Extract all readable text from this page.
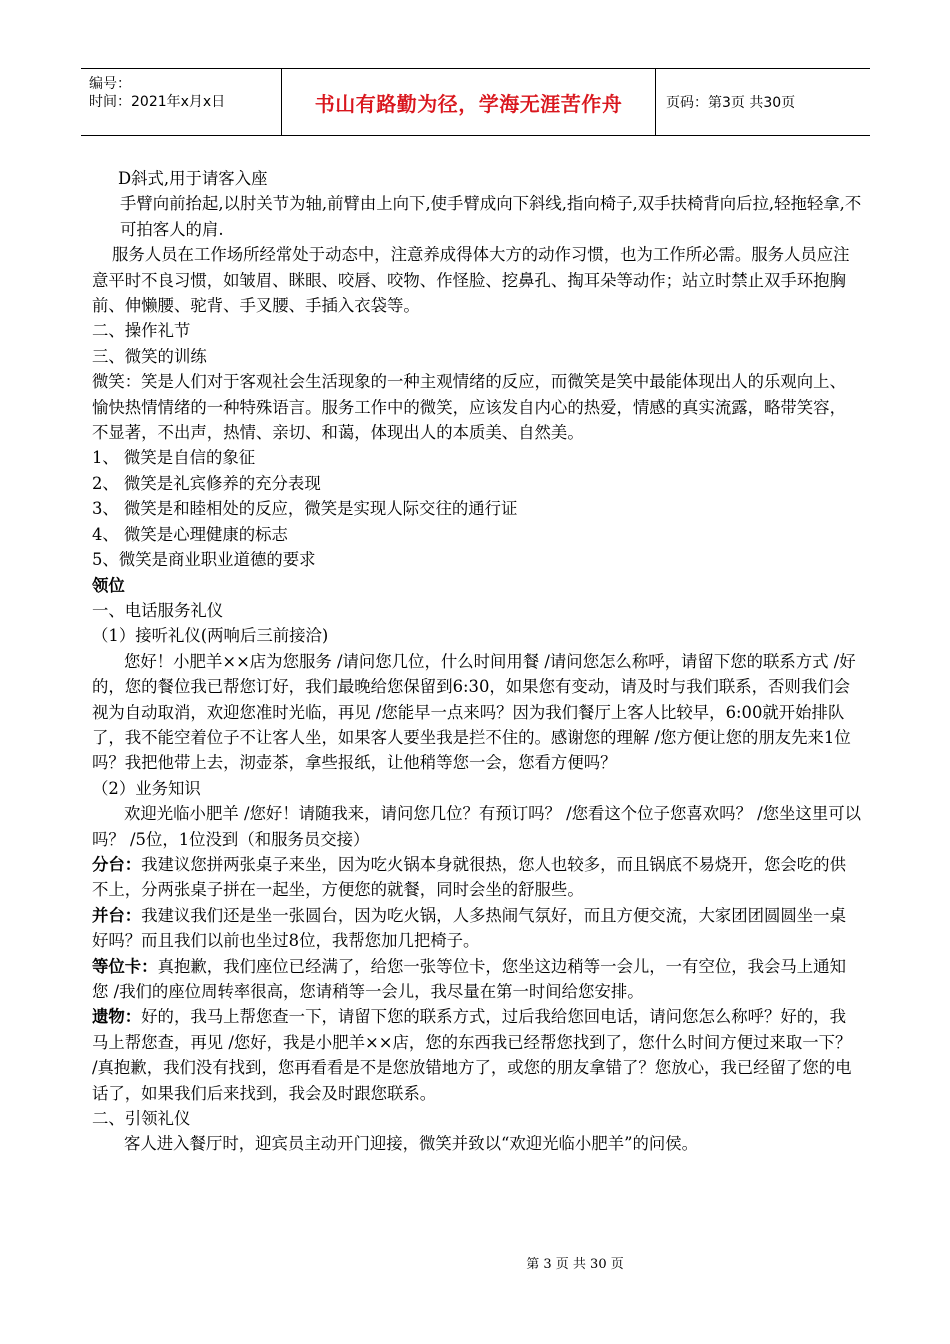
编号：
时间：2021年x月x日	书山有路勤为径，学海无涯苦作舟	页码：第3页 共30页

D斜式,用于请客入座

手臂向前抬起,以肘关节为轴,前臂由上向下,使手臂成向下斜线,指向椅子,双手扶椅背向后拉,轻拖轻拿,不可拍客人的肩.

服务人员在工作场所经常处于动态中，注意养成得体大方的动作习惯，也为工作所必需。服务人员应注意平时不良习惯，如皱眉、眯眼、咬唇、咬物、作怪脸、挖鼻孔、掏耳朵等动作；站立时禁止双手环抱胸前、伸懒腰、驼背、手叉腰、手插入衣袋等。

二、操作礼节

三、微笑的训练

微笑：笑是人们对于客观社会生活现象的一种主观情绪的反应，而微笑是笑中最能体现出人的乐观向上、愉快热情情绪的一种特殊语言。服务工作中的微笑，应该发自内心的热爱，情感的真实流露，略带笑容，不显著，不出声，热情、亲切、和蔼，体现出人的本质美、自然美。

1、 微笑是自信的象征

2、 微笑是礼宾修养的充分表现

3、 微笑是和睦相处的反应，微笑是实现人际交往的通行证

4、 微笑是心理健康的标志

5、微笑是商业职业道德的要求

领位

一、电话服务礼仪

（1）接听礼仪(两响后三前接洽)

您好！小肥羊××店为您服务 /请问您几位，什么时间用餐 /请问您怎么称呼，请留下您的联系方式 /好的，您的餐位我已帮您订好，我们最晚给您保留到6:30，如果您有变动，请及时与我们联系，否则我们会视为自动取消，欢迎您准时光临，再见 /您能早一点来吗？因为我们餐厅上客人比较早，6:00就开始排队了，我不能空着位子不让客人坐，如果客人要坐我是拦不住的。感谢您的理解 /您方便让您的朋友先来1位吗？我把他带上去，沏壶茶，拿些报纸，让他稍等您一会，您看方便吗？

（2）业务知识

欢迎光临小肥羊 /您好！请随我来，请问您几位？有预订吗？ /您看这个位子您喜欢吗？ /您坐这里可以吗？ /5位，1位没到（和服务员交接）

分台：我建议您拼两张桌子来坐，因为吃火锅本身就很热，您人也较多，而且锅底不易烧开，您会吃的供不上，分两张桌子拼在一起坐，方便您的就餐，同时会坐的舒服些。

并台：我建议我们还是坐一张圆台，因为吃火锅，人多热闹气氛好，而且方便交流，大家团团圆圆坐一桌好吗？而且我们以前也坐过8位，我帮您加几把椅子。

等位卡：真抱歉，我们座位已经满了，给您一张等位卡，您坐这边稍等一会儿，一有空位，我会马上通知您 /我们的座位周转率很高，您请稍等一会儿，我尽量在第一时间给您安排。

遗物：好的，我马上帮您查一下，请留下您的联系方式，过后我给您回电话，请问您怎么称呼？好的，我马上帮您查，再见 /您好，我是小肥羊××店，您的东西我已经帮您找到了，您什么时间方便过来取一下？ /真抱歉，我们没有找到，您再看看是不是您放错地方了，或您的朋友拿错了？您放心，我已经留了您的电话了，如果我们后来找到，我会及时跟您联系。

二、引领礼仪

客人进入餐厅时，迎宾员主动开门迎接，微笑并致以“欢迎光临小肥羊”的问侯。

第 3 页 共 30 页
